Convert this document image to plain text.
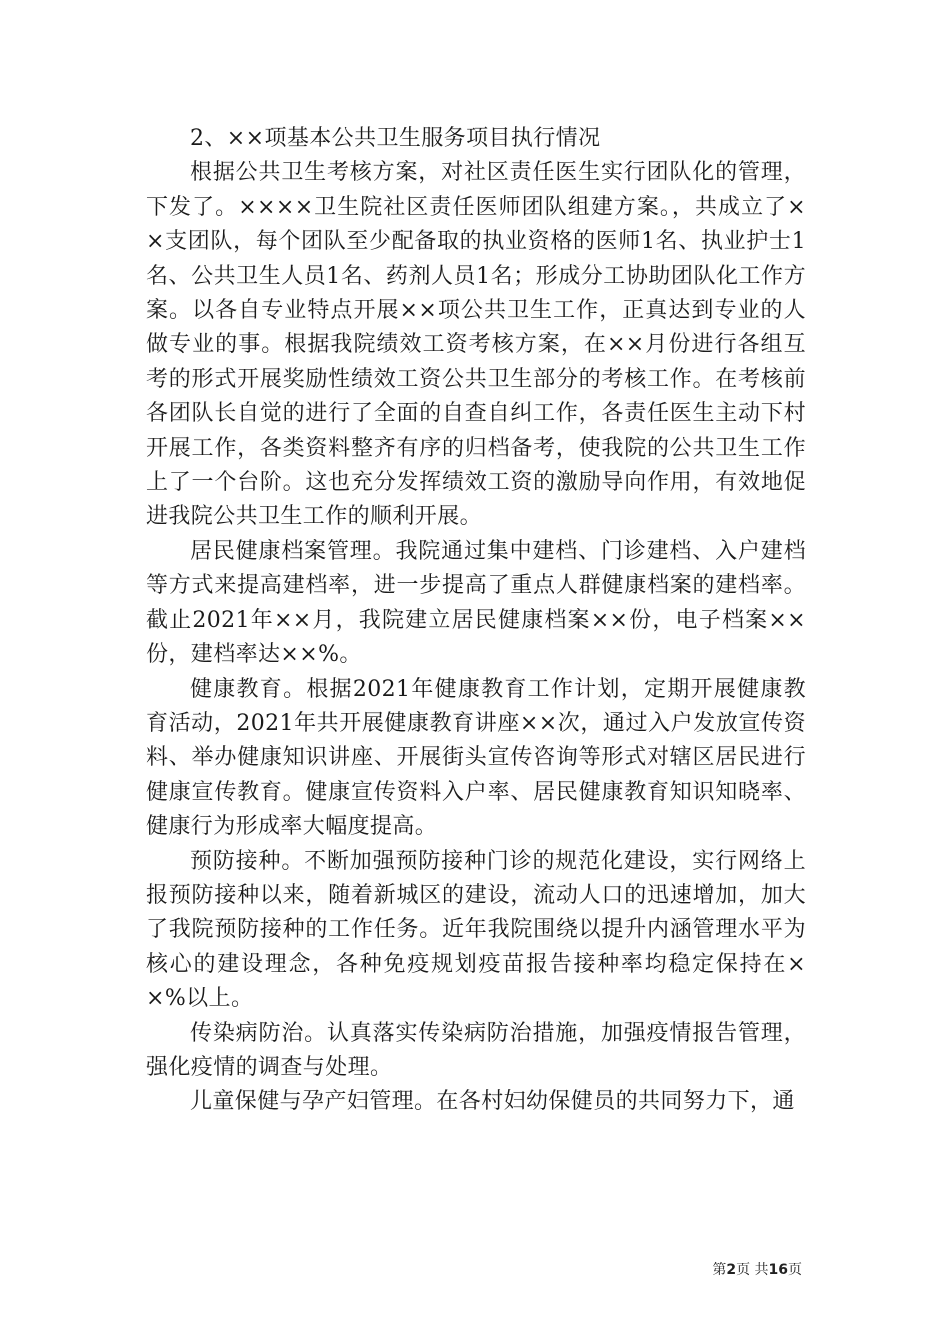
2、××项基本公共卫生服务项目执行情况

根据公共卫生考核方案，对社区责任医生实行团队化的管理，下发了。××××卫生院社区责任医师团队组建方案。，共成立了××支团队，每个团队至少配备取的执业资格的医师1名、执业护士1名、公共卫生人员1名、药剂人员1名；形成分工协助团队化工作方案。以各自专业特点开展××项公共卫生工作，正真达到专业的人做专业的事。根据我院绩效工资考核方案，在××月份进行各组互考的形式开展奖励性绩效工资公共卫生部分的考核工作。在考核前各团队长自觉的进行了全面的自查自纠工作，各责任医生主动下村开展工作，各类资料整齐有序的归档备考，使我院的公共卫生工作上了一个台阶。这也充分发挥绩效工资的激励导向作用，有效地促进我院公共卫生工作的顺利开展。

居民健康档案管理。我院通过集中建档、门诊建档、入户建档等方式来提高建档率，进一步提高了重点人群健康档案的建档率。截止2021年××月，我院建立居民健康档案××份，电子档案××份，建档率达××%。

健康教育。根据2021年健康教育工作计划，定期开展健康教育活动，2021年共开展健康教育讲座××次，通过入户发放宣传资料、举办健康知识讲座、开展街头宣传咨询等形式对辖区居民进行健康宣传教育。健康宣传资料入户率、居民健康教育知识知晓率、健康行为形成率大幅度提高。

预防接种。不断加强预防接种门诊的规范化建设，实行网络上报预防接种以来，随着新城区的建设，流动人口的迅速增加，加大了我院预防接种的工作任务。近年我院围绕以提升内涵管理水平为核心的建设理念，各种免疫规划疫苗报告接种率均稳定保持在××%以上。

传染病防治。认真落实传染病防治措施，加强疫情报告管理，强化疫情的调查与处理。

儿童保健与孕产妇管理。在各村妇幼保健员的共同努力下，通

第2页 共16页
